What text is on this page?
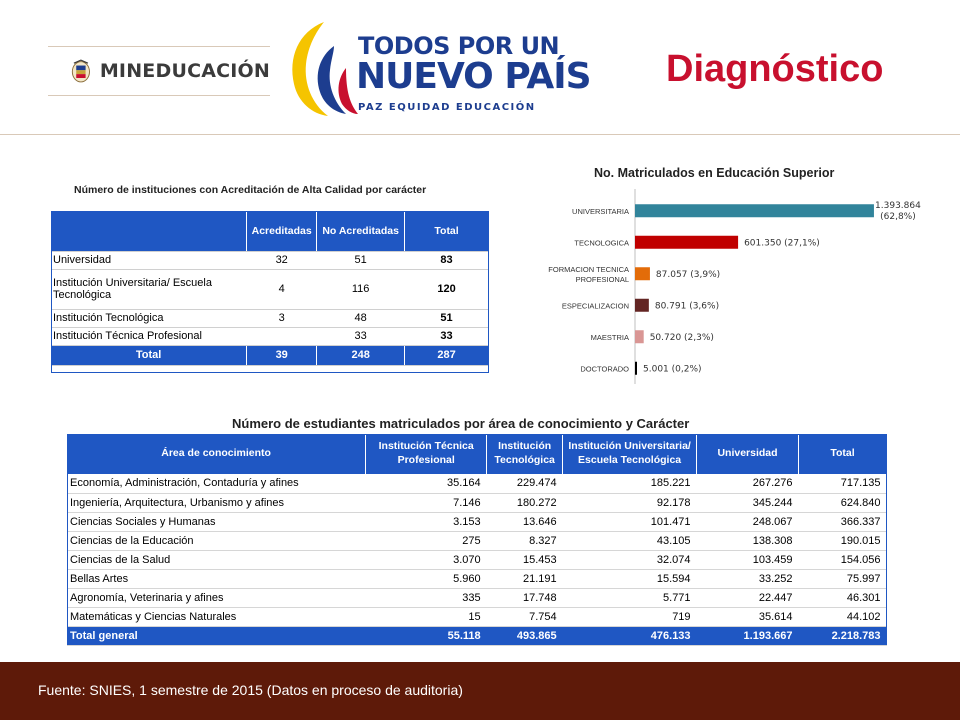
MINEDUCACIÓN
TODOS POR UN
NUEVO PAÍS
PAZ EQUIDAD EDUCACIÓN
Diagnóstico
Número de instituciones con Acreditación de Alta Calidad por carácter
	Acreditadas	No Acreditadas	Total
Universidad	32	51	83
Institución Universitaria/ Escuela Tecnológica	4	116	120
Institución Tecnológica	3	48	51
Institución Técnica Profesional		33	33
Total	39	248	287
No. Matriculados en Educación Superior
UNIVERSITARIA
1.393.864 (62,8%)
TECNOLOGICA	601.350 (27,1%)
FORMACION TECNICA PROFESIONAL	87.057 (3,9%)
ESPECIALIZACION	80.791 (3,6%)
MAESTRIA 50.720 (2,3%)
DOCTORADO 5.001 (0,2%)
Número de estudiantes matriculados por área de conocimiento y Carácter
Área de conocimiento	Institución Técnica Profesional	Institución Tecnológica	Institución Universitaria/ Escuela Tecnológica	Universidad	Total
Economía, Administración, Contaduría y afines	35.164	229.474	185.221	267.276	717.135
Ingeniería, Arquitectura, Urbanismo y afines	7.146	180.272	92.178	345.244	624.840
Ciencias Sociales y Humanas	3.153	13.646	101.471	248.067	366.337
Ciencias de la Educación	275	8.327	43.105	138.308	190.015
Ciencias de la Salud	3.070	15.453	32.074	103.459	154.056
Bellas Artes	5.960	21.191	15.594	33.252	75.997
Agronomía, Veterinaria y afines	335	17.748	5.771	22.447	46.301
Matemáticas y Ciencias Naturales	15	7.754	719	35.614	44.102
Total general	55.118	493.865	476.133	1.193.667	2.218.783
Fuente: SNIES, 1 semestre de 2015 (Datos en proceso de auditoria)
